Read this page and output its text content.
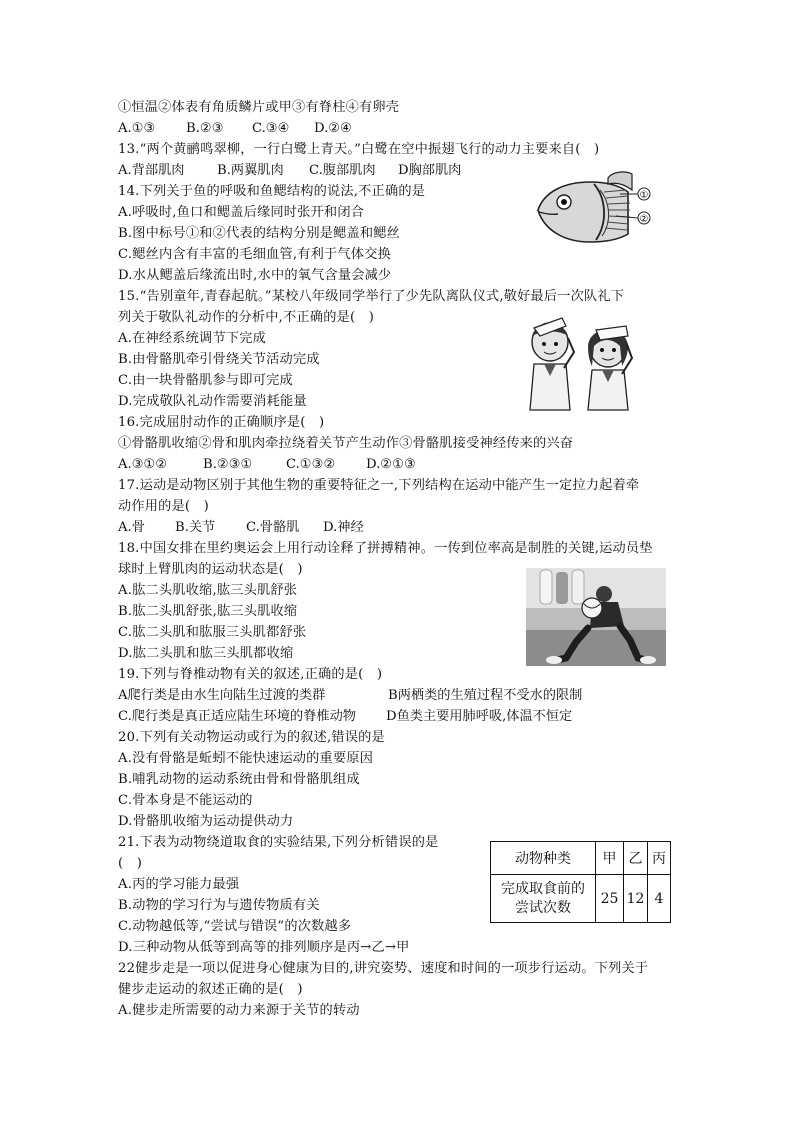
①恒温②体表有角质鳞片或甲③有脊柱④有卵壳
13.“两个黄鹂鸣翠柳，一行白鹭上青天。”白鹭在空中振翅飞行的动力主要来自(　)
14.下列关于鱼的呼吸和鱼鳃结构的说法,不正确的是
A.呼吸时,鱼口和鳃盖后缘同时张开和闭合
B.图中标号①和②代表的结构分别是鳃盖和鳃丝
C.鳃丝内含有丰富的毛细血管,有利于气体交换
D.水从鳃盖后缘流出时,水中的氧气含量会减少
15.“告别童年,青春起航。”某校八年级同学举行了少先队离队仪式,敬好最后一次队礼下
列关于敬队礼动作的分析中,不正确的是(　)
A.在神经系统调节下完成
B.由骨骼肌牵引骨绕关节活动完成
C.由一块骨骼肌参与即可完成
D.完成敬队礼动作需要消耗能量
16.完成屈肘动作的正确顺序是(　)
①骨骼肌收缩②骨和肌肉牵拉绕着关节产生动作③骨骼肌接受神经传来的兴奋
17.运动是动物区别于其他生物的重要特征之一,下列结构在运动中能产生一定拉力起着牵
动作用的是(　)
18.中国女排在里约奥运会上用行动诠释了拼搏精神。一传到位率高是制胜的关键,运动员垫
球时上臂肌肉的运动状态是(　)
A.肱二头肌收缩,肱三头肌舒张
B.肱二头肌舒张,肱三头肌收缩
C.肱二头肌和肱服三头肌都舒张
D.肱二头肌和肱三头肌都收缩
19.下列与脊椎动物有关的叙述,正确的是(　)
20.下列有关动物运动或行为的叙述,错误的是
A.没有骨骼是蚯蚓不能快速运动的重要原因
B.哺乳动物的运动系统由骨和骨骼肌组成
C.骨本身是不能运动的
D.骨骼肌收缩为运动提供动力
21.下表为动物绕道取食的实验结果,下列分析错误的是
(　)
A.丙的学习能力最强
B.动物的学习行为与遗传物质有关
C.动物越低等,“尝试与错误”的次数越多
D.三种动物从低等到高等的排列顺序是丙→乙→甲
22健步走是一项以促进身心健康为目的,讲究姿势、速度和时间的一项步行运动。下列关于
健步走运动的叙述正确的是(　)
A.健步走所需要的动力来源于关节的转动
A.①③ B.②③ C.③④ D.②④
A.背部肌肉 B.两翼肌肉 C.腹部肌肉 D胸部肌肉
A.③①②	B.②③①	C.①③② D.②①③
A.骨 B.关节 C.骨骼肌 D.神经
A爬行类是由水生向陆生过渡的类群	B两栖类的生殖过程不受水的限制
C.爬行类是真正适应陆生环境的脊椎动物 D鱼类主要用肺呼吸,体温不恒定
①
②
动物种类	甲	乙	丙

完成取食前的
尝试次数	25	12	4
